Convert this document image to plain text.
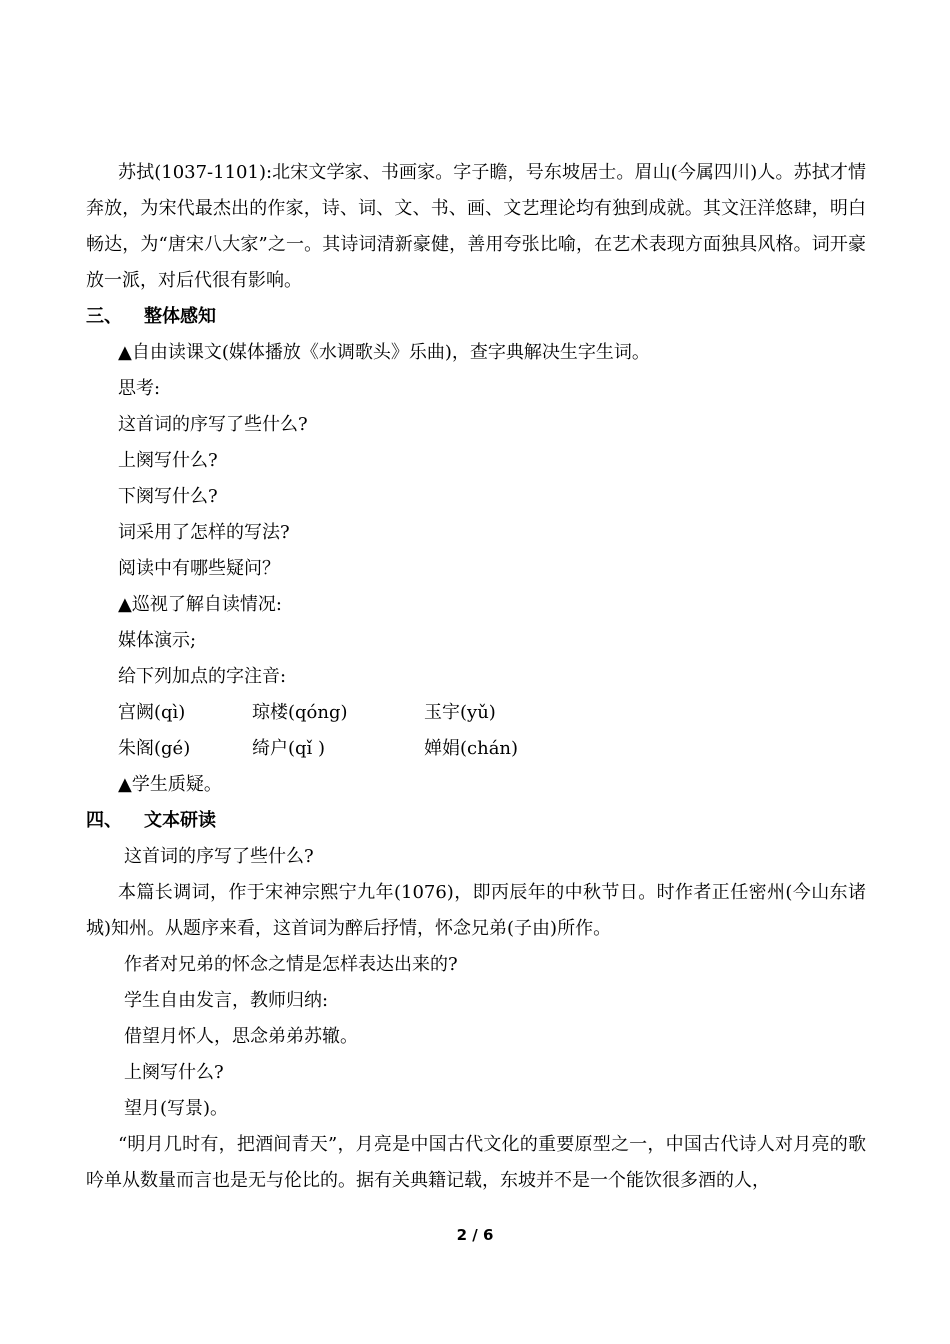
苏拭(1037-1101):北宋文学家、书画家。字子瞻，号东坡居士。眉山(今属四川)人。苏拭才情奔放，为宋代最杰出的作家，诗、词、文、书、画、文艺理论均有独到成就。其文汪洋悠肆，明白畅达，为“唐宋八大家”之一。其诗词清新豪健，善用夸张比喻，在艺术表现方面独具风格。词开豪放一派，对后代很有影响。

三、 整体感知

▲自由读课文(媒体播放《水调歌头》乐曲)，查字典解决生字生词。

思考:

这首词的序写了些什么?

上阕写什么?

下阕写什么?

词采用了怎样的写法?

阅读中有哪些疑问？

▲巡视了解自读情况:

媒体演示;

给下列加点的字注音:

宫阙(qì)	琼楼(qóng)	玉宇(yǔ)
朱阁(gé)	绮户(qǐ )	婵娟(chán)

▲学生质疑。

四、 文本研读

这首词的序写了些什么?

本篇长调词，作于宋神宗熙宁九年(1076)，即丙辰年的中秋节日。时作者正任密州(今山东诸城)知州。从题序来看，这首词为醉后抒情，怀念兄弟(子由)所作。

作者对兄弟的怀念之情是怎样表达出来的?

学生自由发言，教师归纳:

借望月怀人，思念弟弟苏辙。

上阕写什么?

望月(写景)。

“明月几时有，把酒间青天”，月亮是中国古代文化的重要原型之一，中国古代诗人对月亮的歌吟单从数量而言也是无与伦比的。据有关典籍记载，东坡并不是一个能饮很多酒的人，

2 / 6
